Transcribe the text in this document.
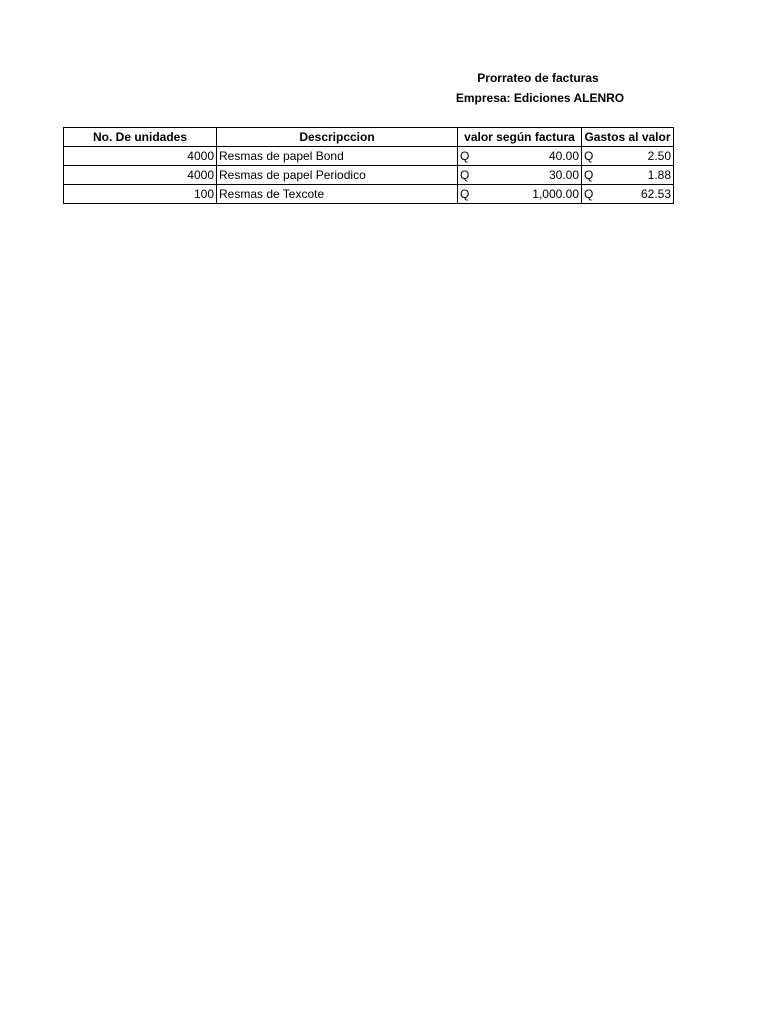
Prorrateo de facturas
Empresa: Ediciones ALENRO
No. De unidades	Descripccion	valor según factura	Gastos al valor
4000	Resmas de papel Bond	Q 40.00	Q 2.50

4000	Resmas de papel Periodico	Q 30.00	Q 1.88

100	Resmas de Texcote	Q 1,000.00	Q 62.53
